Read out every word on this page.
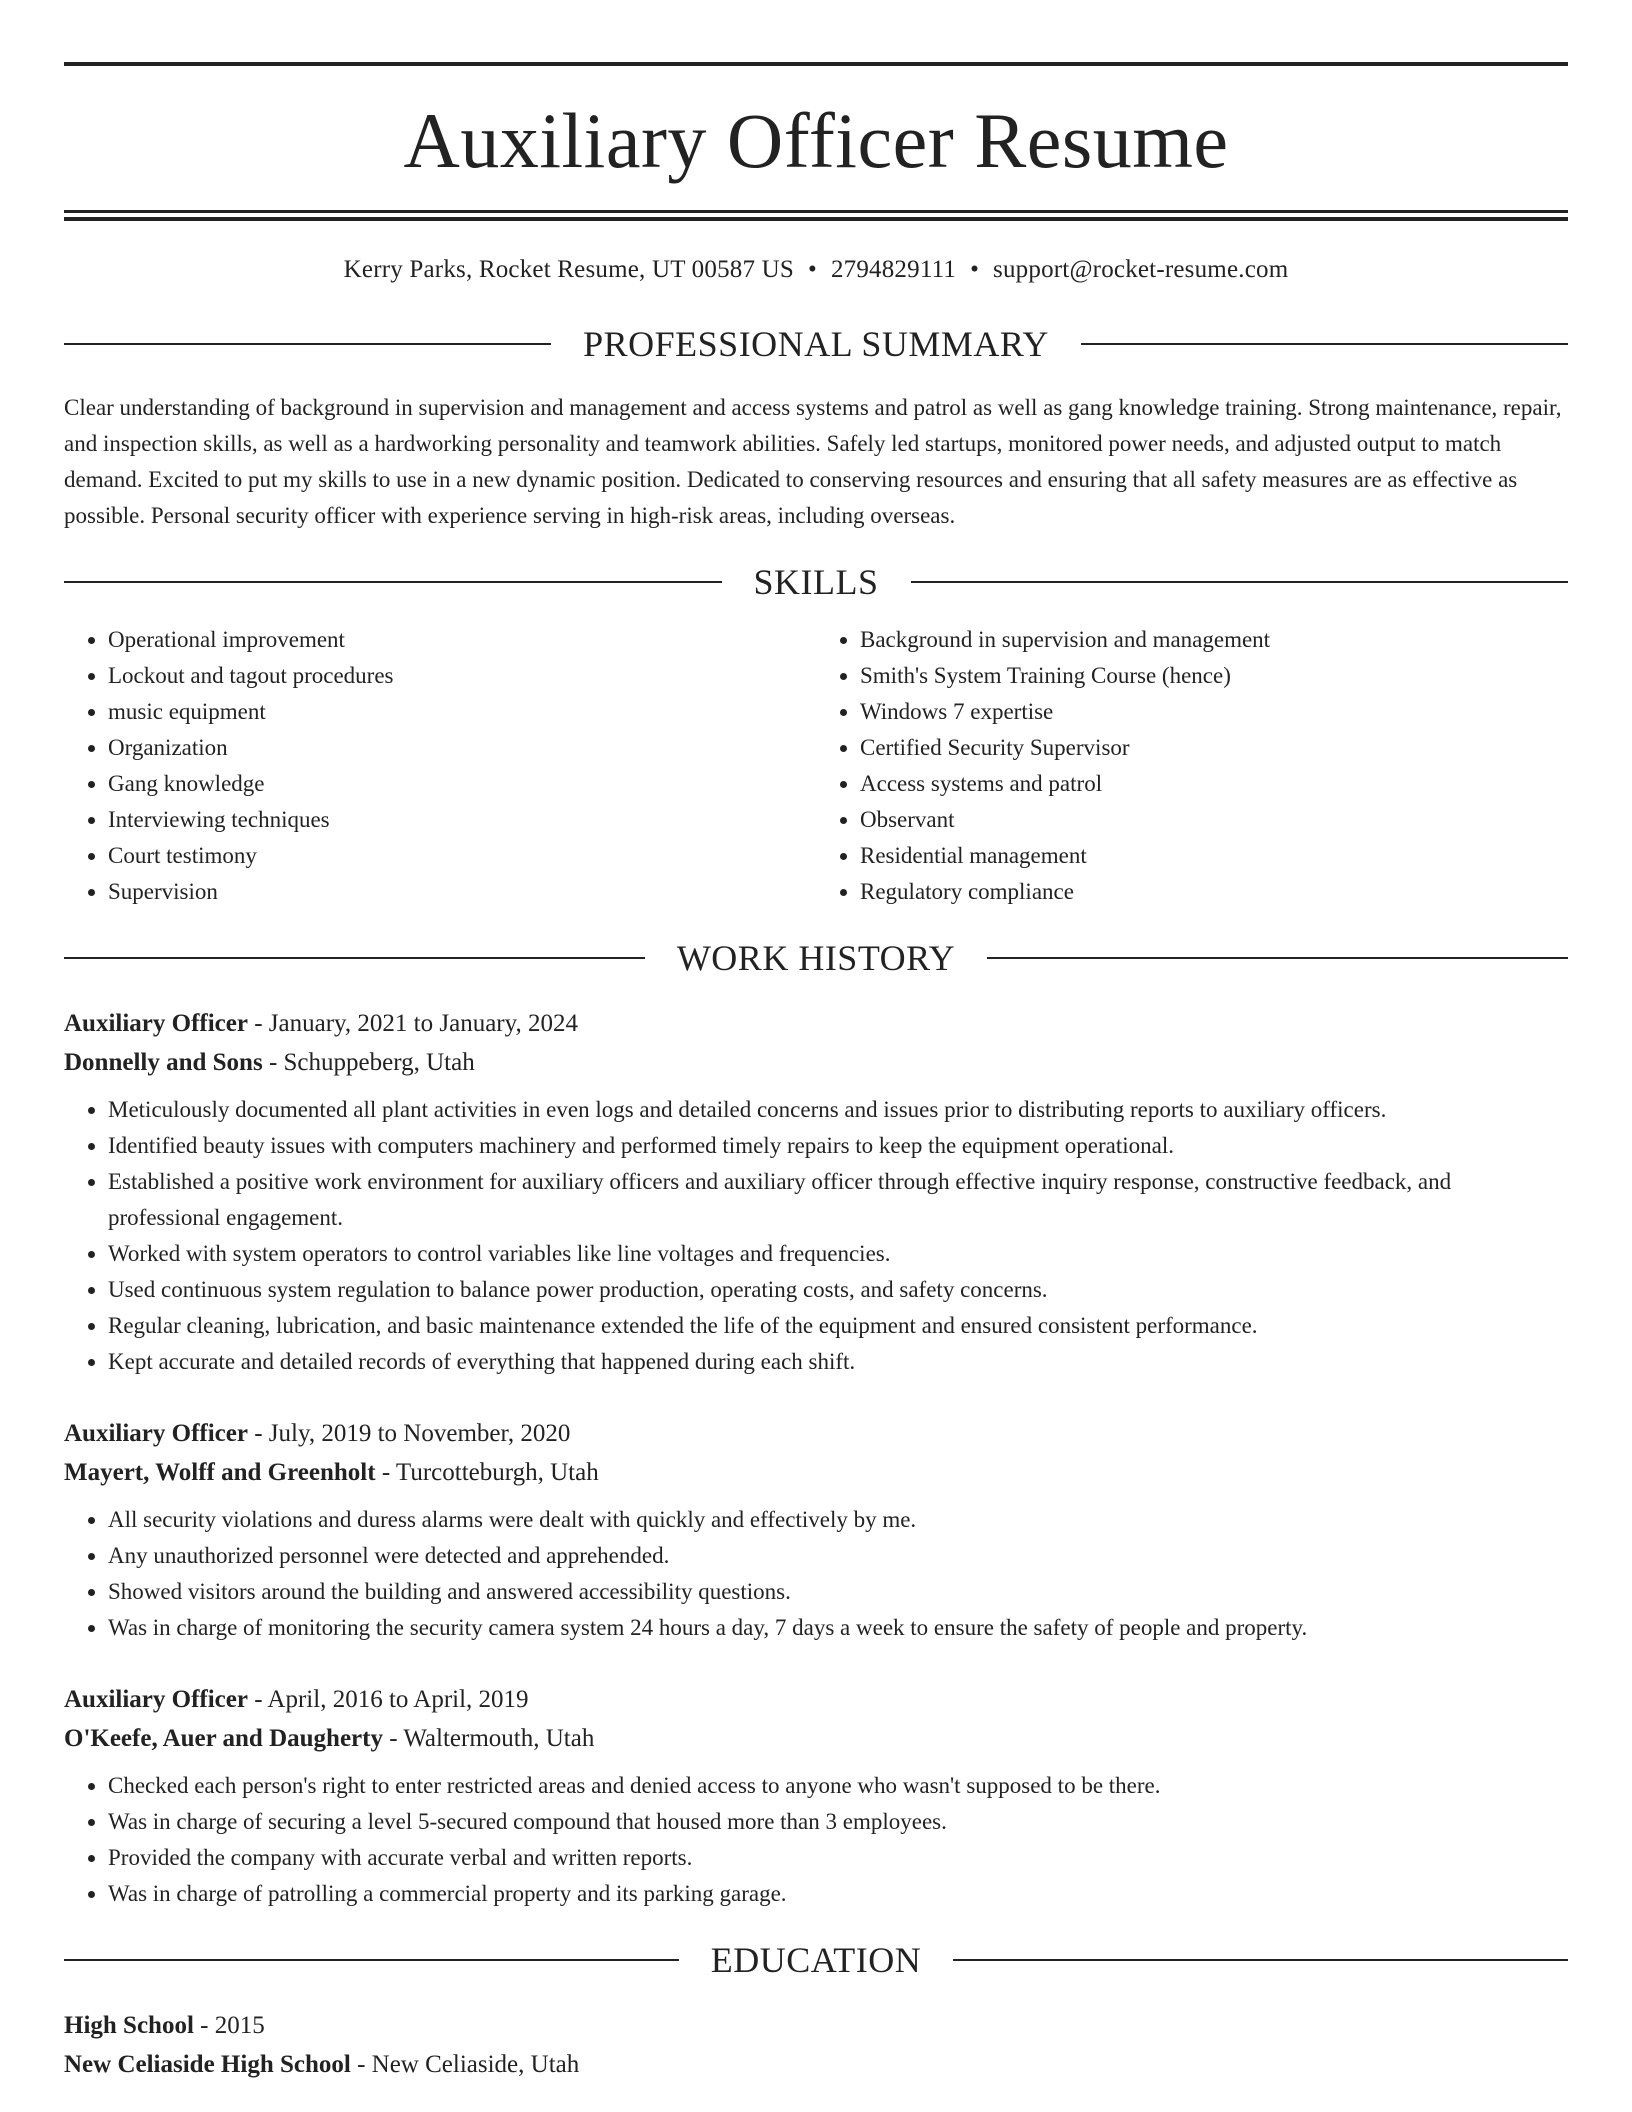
Auxiliary Officer Resume
Kerry Parks, Rocket Resume, UT 00587 US • 2794829111 • support@rocket-resume.com
PROFESSIONAL SUMMARY
Clear understanding of background in supervision and management and access systems and patrol as well as gang knowledge training. Strong maintenance, repair, and inspection skills, as well as a hardworking personality and teamwork abilities. Safely led startups, monitored power needs, and adjusted output to match demand. Excited to put my skills to use in a new dynamic position. Dedicated to conserving resources and ensuring that all safety measures are as effective as possible. Personal security officer with experience serving in high-risk areas, including overseas.
SKILLS
• Operational improvement
• Lockout and tagout procedures
• music equipment
• Organization
• Gang knowledge
• Interviewing techniques
• Court testimony
• Supervision
• Background in supervision and management
• Smith's System Training Course (hence)
• Windows 7 expertise
• Certified Security Supervisor
• Access systems and patrol
• Observant
• Residential management
• Regulatory compliance
WORK HISTORY
Auxiliary Officer - January, 2021 to January, 2024
Donnelly and Sons - Schuppeberg, Utah
• Meticulously documented all plant activities in even logs and detailed concerns and issues prior to distributing reports to auxiliary officers.
• Identified beauty issues with computers machinery and performed timely repairs to keep the equipment operational.
• Established a positive work environment for auxiliary officers and auxiliary officer through effective inquiry response, constructive feedback, and professional engagement.
• Worked with system operators to control variables like line voltages and frequencies.
• Used continuous system regulation to balance power production, operating costs, and safety concerns.
• Regular cleaning, lubrication, and basic maintenance extended the life of the equipment and ensured consistent performance.
• Kept accurate and detailed records of everything that happened during each shift.
Auxiliary Officer - July, 2019 to November, 2020
Mayert, Wolff and Greenholt - Turcotteburgh, Utah
• All security violations and duress alarms were dealt with quickly and effectively by me.
• Any unauthorized personnel were detected and apprehended.
• Showed visitors around the building and answered accessibility questions.
• Was in charge of monitoring the security camera system 24 hours a day, 7 days a week to ensure the safety of people and property.
Auxiliary Officer - April, 2016 to April, 2019
O'Keefe, Auer and Daugherty - Waltermouth, Utah
• Checked each person's right to enter restricted areas and denied access to anyone who wasn't supposed to be there.
• Was in charge of securing a level 5-secured compound that housed more than 3 employees.
• Provided the company with accurate verbal and written reports.
• Was in charge of patrolling a commercial property and its parking garage.
EDUCATION
High School - 2015
New Celiaside High School - New Celiaside, Utah
